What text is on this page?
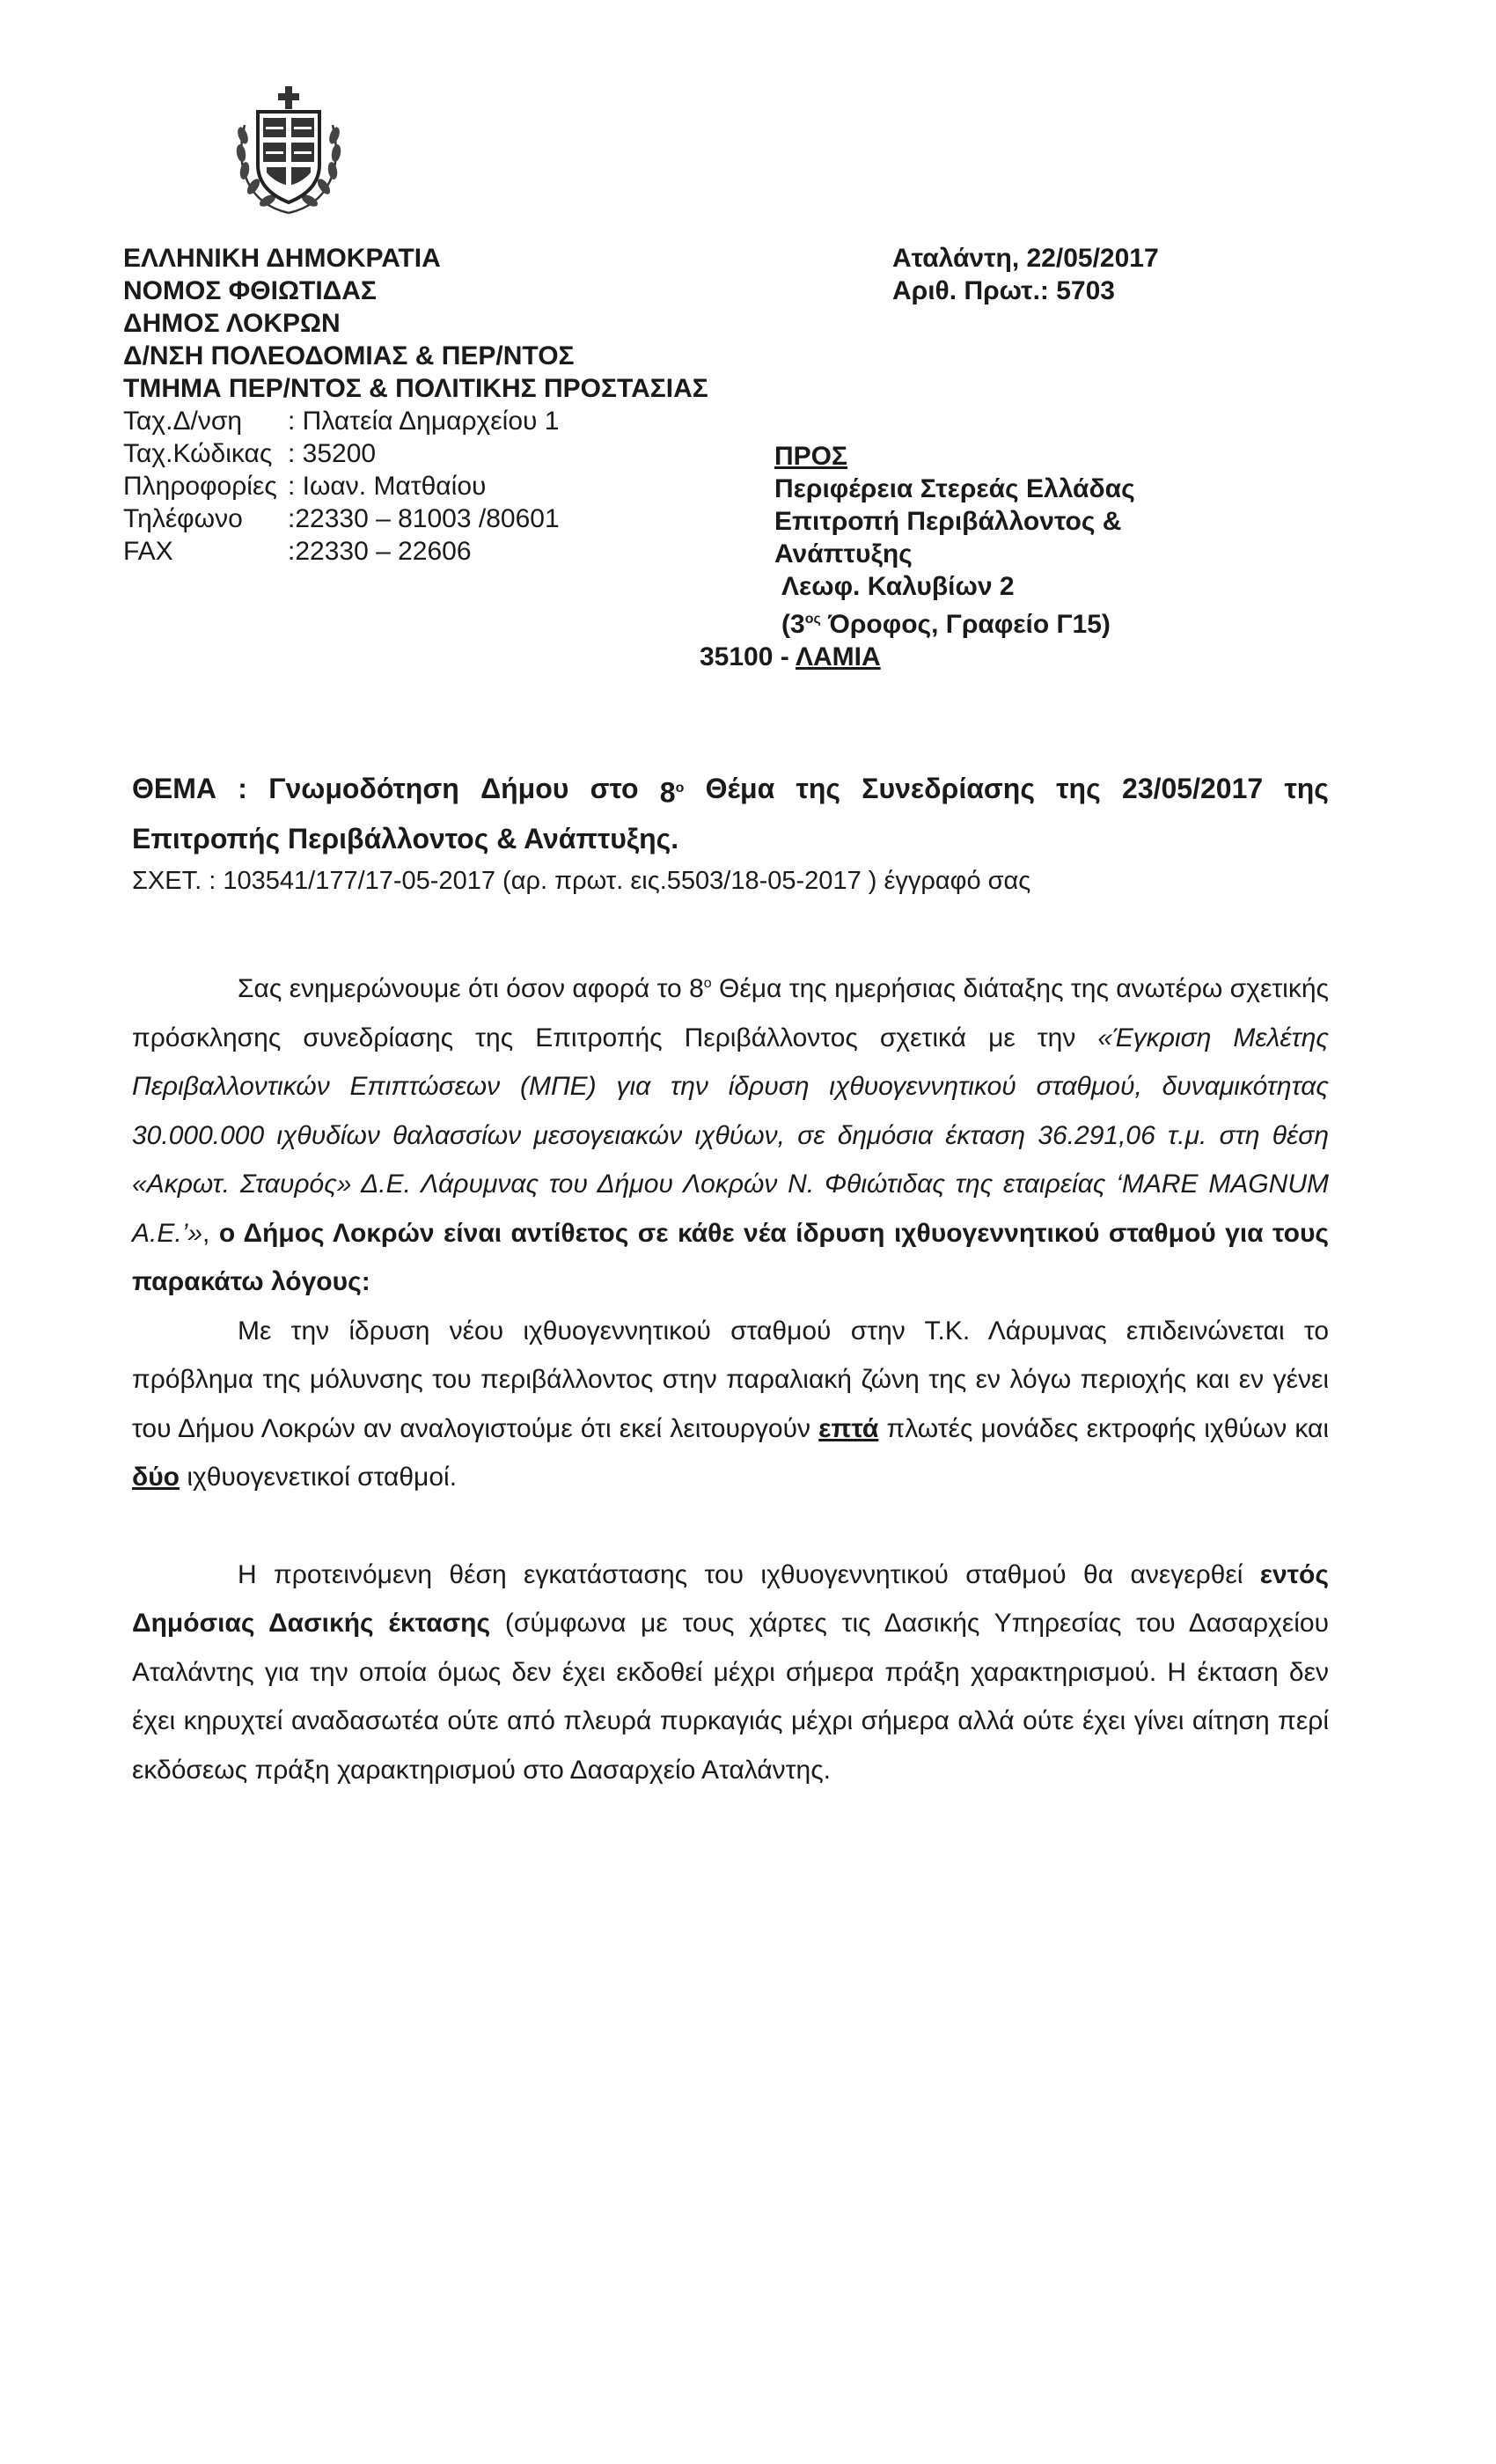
ΕΛΛΗΝΙΚΗ ΔΗΜΟΚΡΑΤΙΑ
ΝΟΜΟΣ ΦΘΙΩΤΙΔΑΣ
ΔΗΜΟΣ ΛΟΚΡΩΝ
Δ/ΝΣΗ ΠΟΛΕΟΔΟΜΙΑΣ & ΠΕΡ/ΝΤΟΣ
ΤΜΗΜΑ ΠΕΡ/ΝΤΟΣ & ΠΟΛΙΤΙΚΗΣ ΠΡΟΣΤΑΣΙΑΣ
Ταχ.Δ/νση	: Πλατεία Δημαρχείου 1
Ταχ.Κώδικας : 35200
Πληροφορίες : Ιωαν. Ματθαίου
Τηλέφωνο	:22330 – 81003 /80601
FAX	:22330 – 22606
Αταλάντη, 22/05/2017
Αριθ. Πρωτ.: 5703
ΠΡΟΣ
Περιφέρεια Στερεάς Ελλάδας
Επιτροπή Περιβάλλοντος &
Ανάπτυξης
Λεωφ. Καλυβίων 2
($3^{o\varsigma}$ Όροφος, Γραφείο Γ15)
35100 - ΛΑΜΙΑ
ΘΕΜΑ : Γνωμοδότηση Δήμου στο $8^o$ Θέμα της Συνεδρίασης της 23/05/2017 της
Επιτροπής Περιβάλλοντος & Ανάπτυξης.
ΣΧΕΤ. : 103541/177/17-05-2017 (αρ. πρωτ. εις.5503/18-05-2017 ) έγγραφό σας

Σας ενημερώνουμε ότι όσον αφορά το $8^o$ Θέμα της ημερήσιας διάταξης της ανωτέρω σχετικής πρόσκλησης συνεδρίασης της Επιτροπής Περιβάλλοντος σχετικά με την «Έγκριση Μελέτης Περιβαλλοντικών Επιπτώσεων (ΜΠΕ) για την ίδρυση ιχθυογεννητικού σταθμού, δυναμικότητας 30.000.000 ιχθυδίων θαλασσίων μεσογειακών ιχθύων, σε δημόσια έκταση 36.291,06 τ.μ. στη θέση «Ακρωτ. Σταυρός» Δ.Ε. Λάρυμνας του Δήμου Λοκρών Ν. Φθιώτιδας της εταιρείας ‘MARE MAGNUM Α.Ε.’», ο Δήμος Λοκρών είναι αντίθετος σε κάθε νέα ίδρυση ιχθυογεννητικού σταθμού για τους παρακάτω λόγους:

Με την ίδρυση νέου ιχθυογεννητικού σταθμού στην Τ.Κ. Λάρυμνας επιδεινώνεται το πρόβλημα της μόλυνσης του περιβάλλοντος στην παραλιακή ζώνη της εν λόγω περιοχής και εν γένει του Δήμου Λοκρών αν αναλογιστούμε ότι εκεί λειτουργούν επτά πλωτές μονάδες εκτροφής ιχθύων και δύο ιχθυογενετικοί σταθμοί.

Η προτεινόμενη θέση εγκατάστασης του ιχθυογεννητικού σταθμού θα ανεγερθεί εντός Δημόσιας Δασικής έκτασης (σύμφωνα με τους χάρτες τις Δασικής Υπηρεσίας του Δασαρχείου Αταλάντης για την οποία όμως δεν έχει εκδοθεί μέχρι σήμερα πράξη χαρακτηρισμού. Η έκταση δεν έχει κηρυχτεί αναδασωτέα ούτε από πλευρά πυρκαγιάς μέχρι σήμερα αλλά ούτε έχει γίνει αίτηση περί εκδόσεως πράξη χαρακτηρισμού στο Δασαρχείο Αταλάντης.
